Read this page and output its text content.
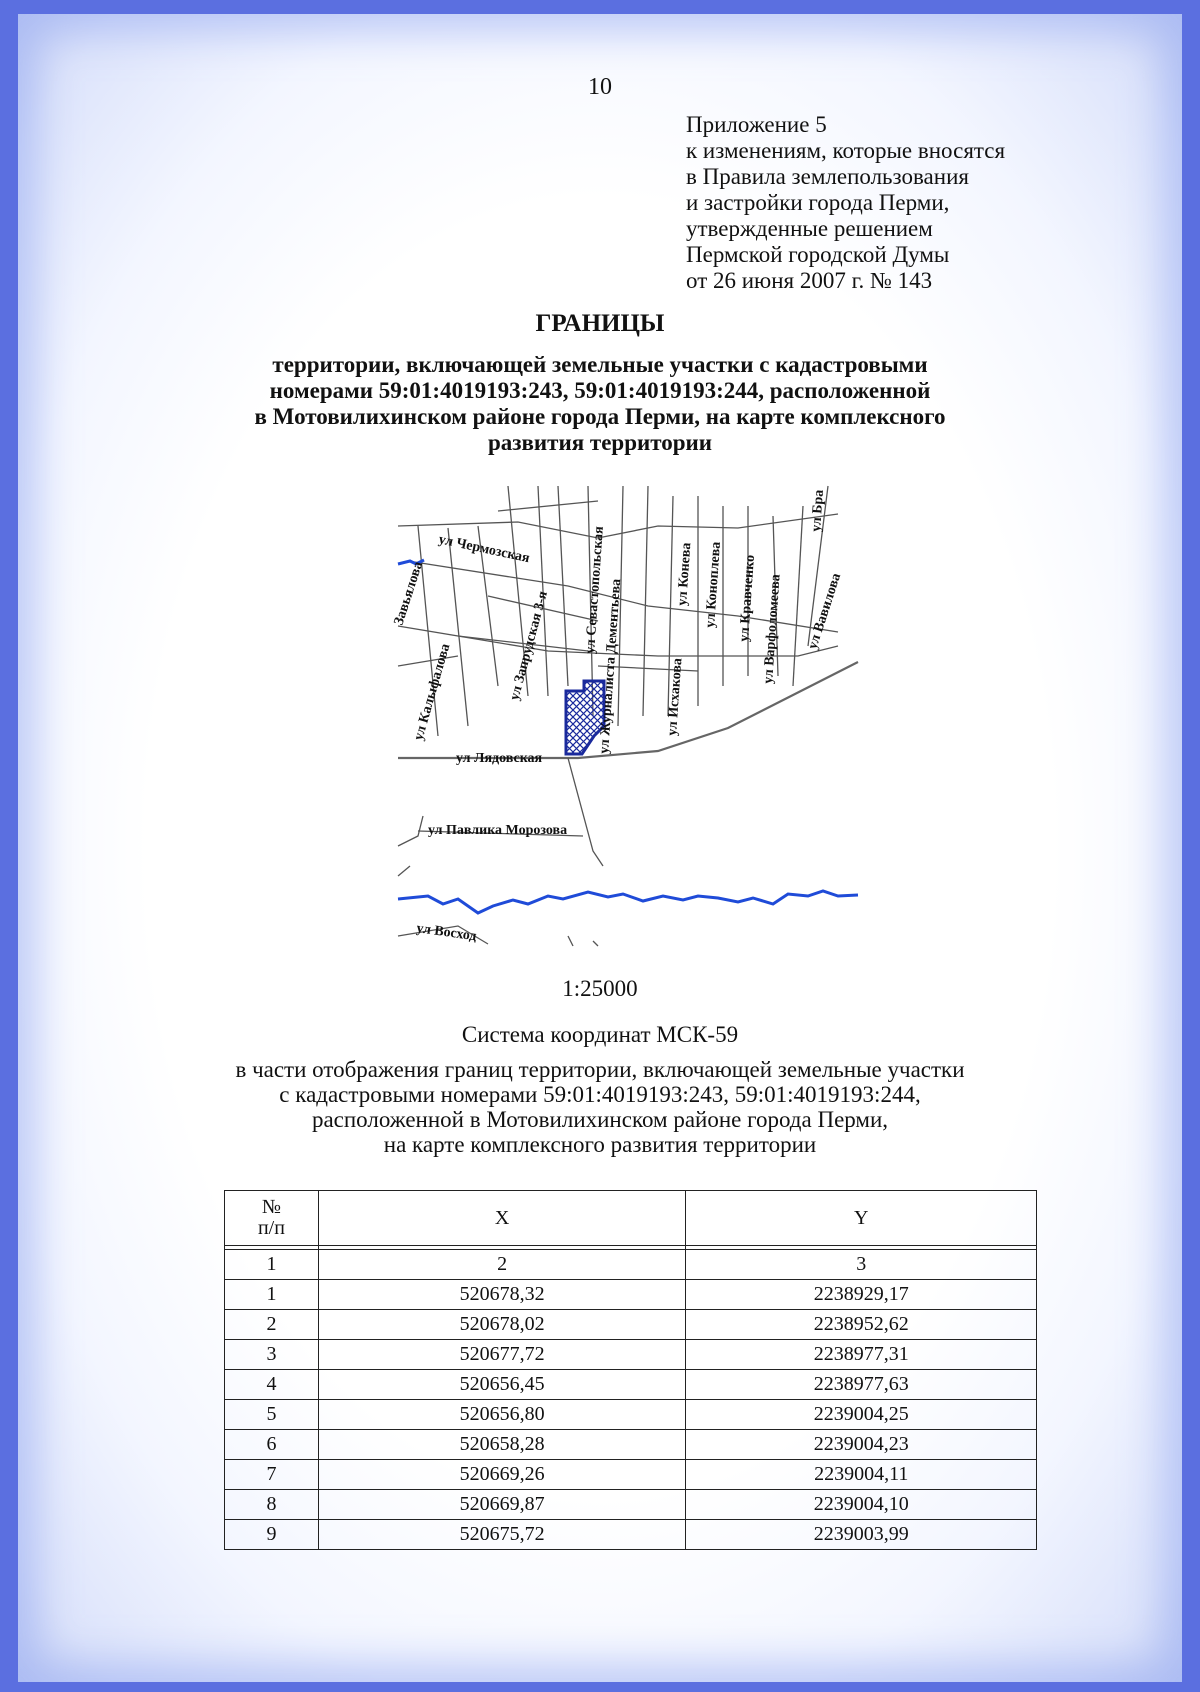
10
Приложение 5
к изменениям, которые вносятся
в Правила землепользования
и застройки города Перми,
утвержденные решением
Пермской городской Думы
от 26 июня 2007 г. № 143
ГРАНИЦЫ
территории, включающей земельные участки с кадастровыми
номерами 59:01:4019193:243, 59:01:4019193:244, расположенной
в Мотовилихинском районе города Перми, на карте комплексного
развития территории
ул Чермозская
ул Запрудская 3-я ул Севастопольская
ул Журналиста Дементьева
ул Конева ул Коноплева ул Кравченко ул Варфоломеева
ул Бра
ул Вавилова
Завьялова
ул Калыфалова	ул Исхакова
ул Лядовская
ул Павлика Морозова
ул Восход
1:25000
Система координат МСК-59
в части отображения границ территории, включающей земельные участки
с кадастровыми номерами 59:01:4019193:243, 59:01:4019193:244,
расположенной в Мотовилихинском районе города Перми,
на карте комплексного развития территории
№
п/п	X	Y

1	2	3
1	520678,32	2238929,17
2	520678,02	2238952,62
3	520677,72	2238977,31
4	520656,45	2238977,63
5	520656,80	2239004,25
6	520658,28	2239004,23
7	520669,26	2239004,11
8	520669,87	2239004,10
9	520675,72	2239003,99
